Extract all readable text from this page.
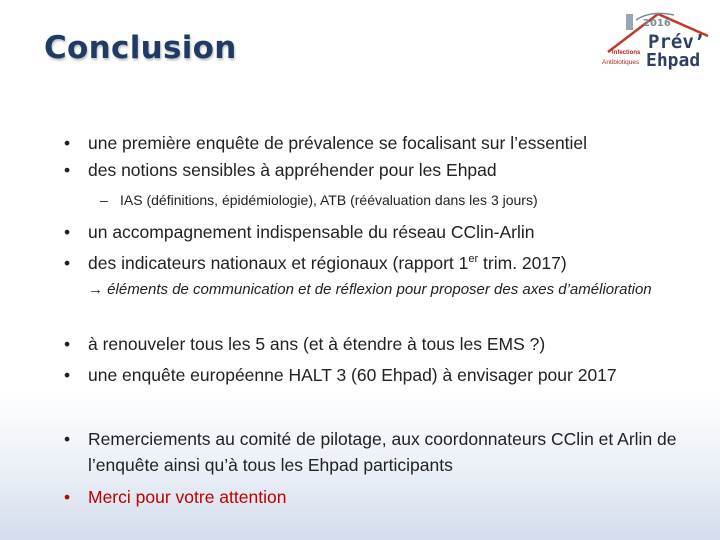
Conclusion
2016
Prév’
Ehpad
Infections
Antibiotiques
•	une première enquête de prévalence se focalisant sur l’essentiel
•	des notions sensibles à appréhender pour les Ehpad
– IAS (définitions, épidémiologie), ATB (réévaluation dans les 3 jours)
•	un accompagnement indispensable du réseau CClin-Arlin
•	des indicateurs nationaux et régionaux (rapport 1er trim. 2017)
→ éléments de communication et de réflexion pour proposer des axes d’amélioration
•	à renouveler tous les 5 ans (et à étendre à tous les EMS ?)
•	une enquête européenne HALT 3 (60 Ehpad) à envisager pour 2017
•	Remerciements au comité de pilotage, aux coordonnateurs CClin et Arlin de l’enquête ainsi qu’à tous les Ehpad participants
•	Merci pour votre attention
